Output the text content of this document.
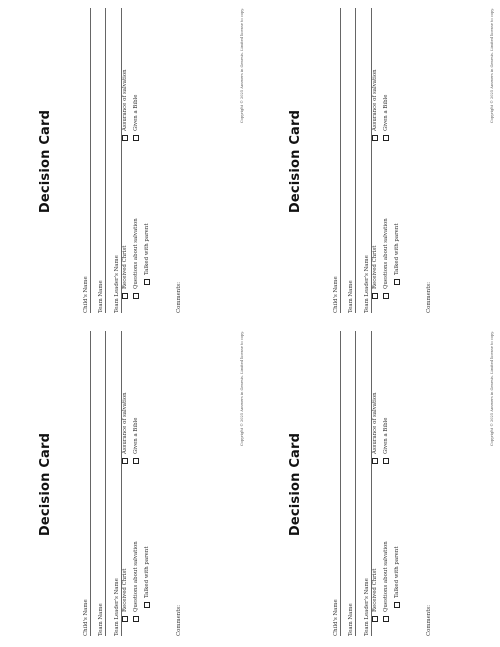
Decision Card
Child's Name Team Name Team Leader's Name Received Christ Questions about salvation Talked with parent
Assurance of salvation Given a Bible
Comments:
Copyright © 2025 Answers in Genesis. Limited license to copy.
Decision Card
Child's Name Team Name Team Leader's Name Received Christ Questions about salvation Talked with parent
Assurance of salvation Given a Bible
Comments:
Copyright © 2025 Answers in Genesis. Limited license to copy.
Decision Card
Child's Name Team Name Team Leader's Name Received Christ Questions about salvation Talked with parent
Assurance of salvation Given a Bible
Comments:
Copyright © 2025 Answers in Genesis. Limited license to copy.
Decision Card
Child's Name Team Name Team Leader's Name Received Christ Questions about salvation Talked with parent
Assurance of salvation Given a Bible
Comments:
Copyright © 2025 Answers in Genesis. Limited license to copy.
